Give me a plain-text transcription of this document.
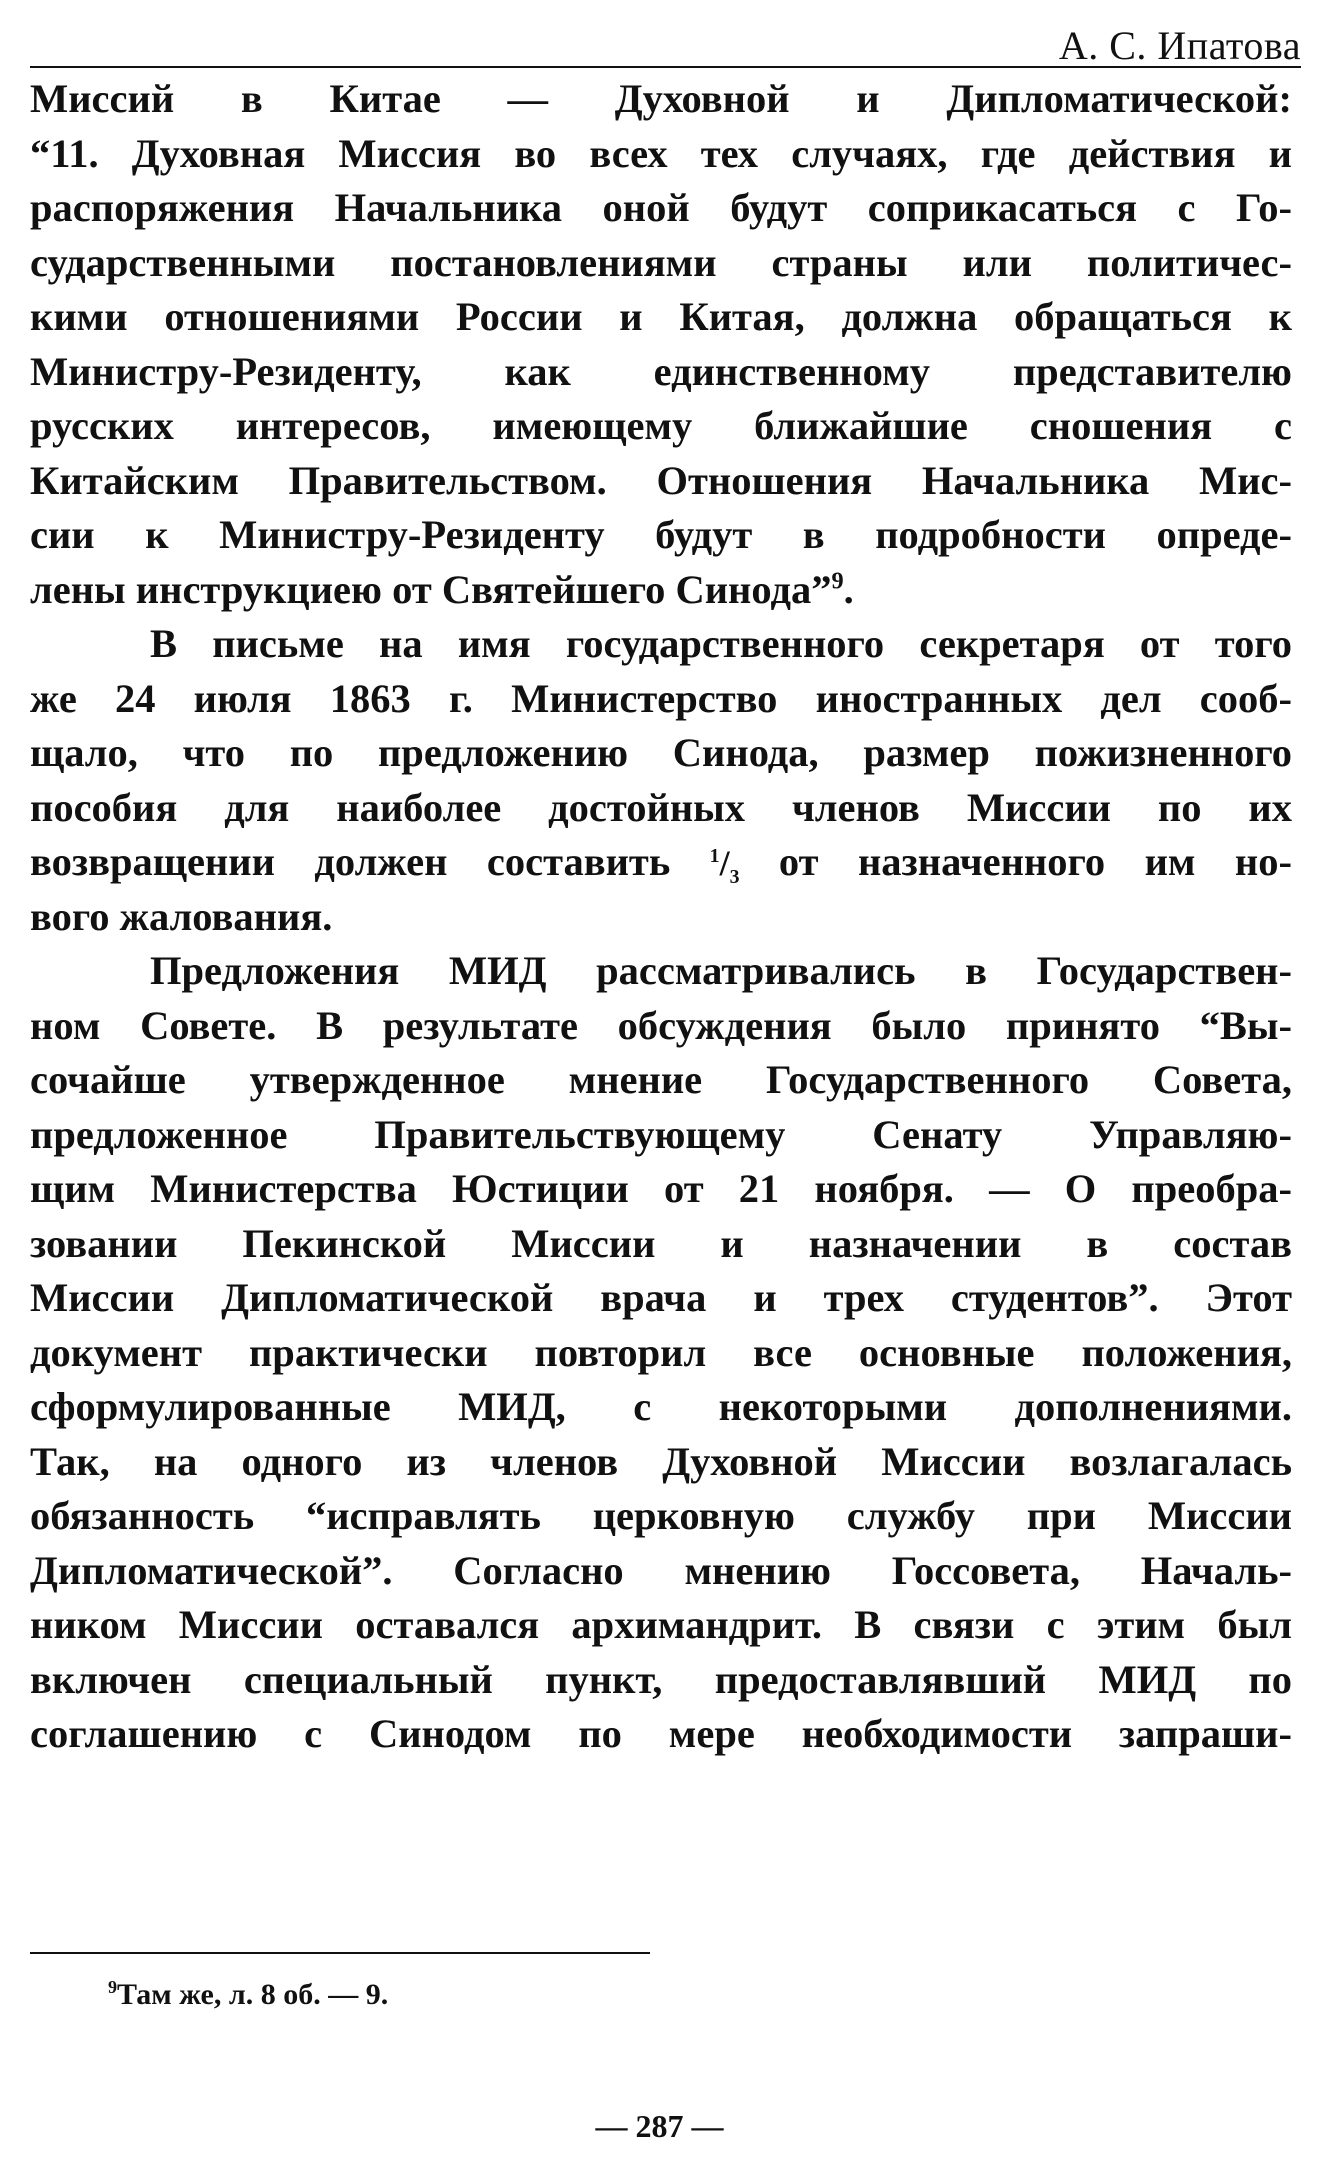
А. С. Ипатова
Миссий в Китае — Духовной и Дипломатической:
“11. Духовная Миссия во всех тех случаях, где действия и
распоряжения Начальника оной будут соприкасаться с Го-
сударственными постановлениями страны или политичес-
кими отношениями России и Китая, должна обращаться к
Министру-Резиденту, как единственному представителю
русских интересов, имеющему ближайшие сношения с
Китайским Правительством. Отношения Начальника Мис-
сии к Министру-Резиденту будут в подробности опреде-
лены инструкциею от Святейшего Синода”$^9$.
В письме на имя государственного секретаря от того
же 24 июля 1863 г. Министерство иностранных дел сооб-
щало, что по предложению Синода, размер пожизненного
пособия для наиболее достойных членов Миссии по их
возвращении должен составить $^1/_3$ от назначенного им но-
вого жалования.
Предложения МИД рассматривались в Государствен-
ном Совете. В результате обсуждения было принято “Вы-
сочайше утвержденное мнение Государственного Совета,
предложенное Правительствующему Сенату Управляю-
щим Министерства Юстиции от 21 ноября. — О преобра-
зовании Пекинской Миссии и назначении в состав
Миссии Дипломатической врача и трех студентов”. Этот
документ практически повторил все основные положения,
сформулированные МИД, с некоторыми дополнениями.
Так, на одного из членов Духовной Миссии возлагалась
обязанность “исправлять церковную службу при Миссии
Дипломатической”. Согласно мнению Госсовета, Началь-
ником Миссии оставался архимандрит. В связи с этим был
включен специальный пункт, предоставлявший МИД по
соглашению с Синодом по мере необходимости запраши-
$^9$Там же, л. 8 об. — 9.
— 287 —
